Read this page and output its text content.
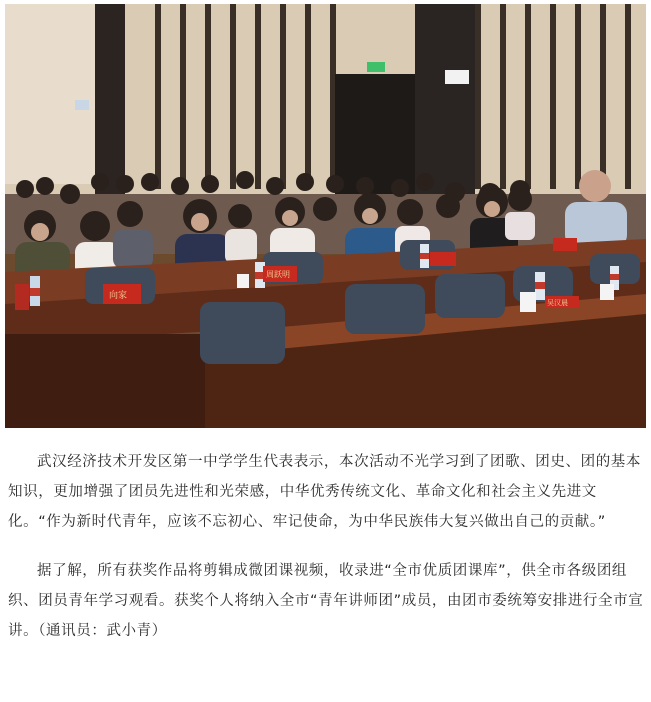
向家
周跃明
吴汉晨

武汉经济技术开发区第一中学学生代表表示，本次活动不光学习到了团歌、团史、团的基本知识，更加增强了团员先进性和光荣感，中华优秀传统文化、革命文化和社会主义先进文化。“作为新时代青年，应该不忘初心、牢记使命，为中华民族伟大复兴做出自己的贡献。”

据了解，所有获奖作品将剪辑成微团课视频，收录进“全市优质团课库”，供全市各级团组织、团员青年学习观看。获奖个人将纳入全市“青年讲师团”成员，由团市委统筹安排进行全市宣讲。（通讯员：武小青）
